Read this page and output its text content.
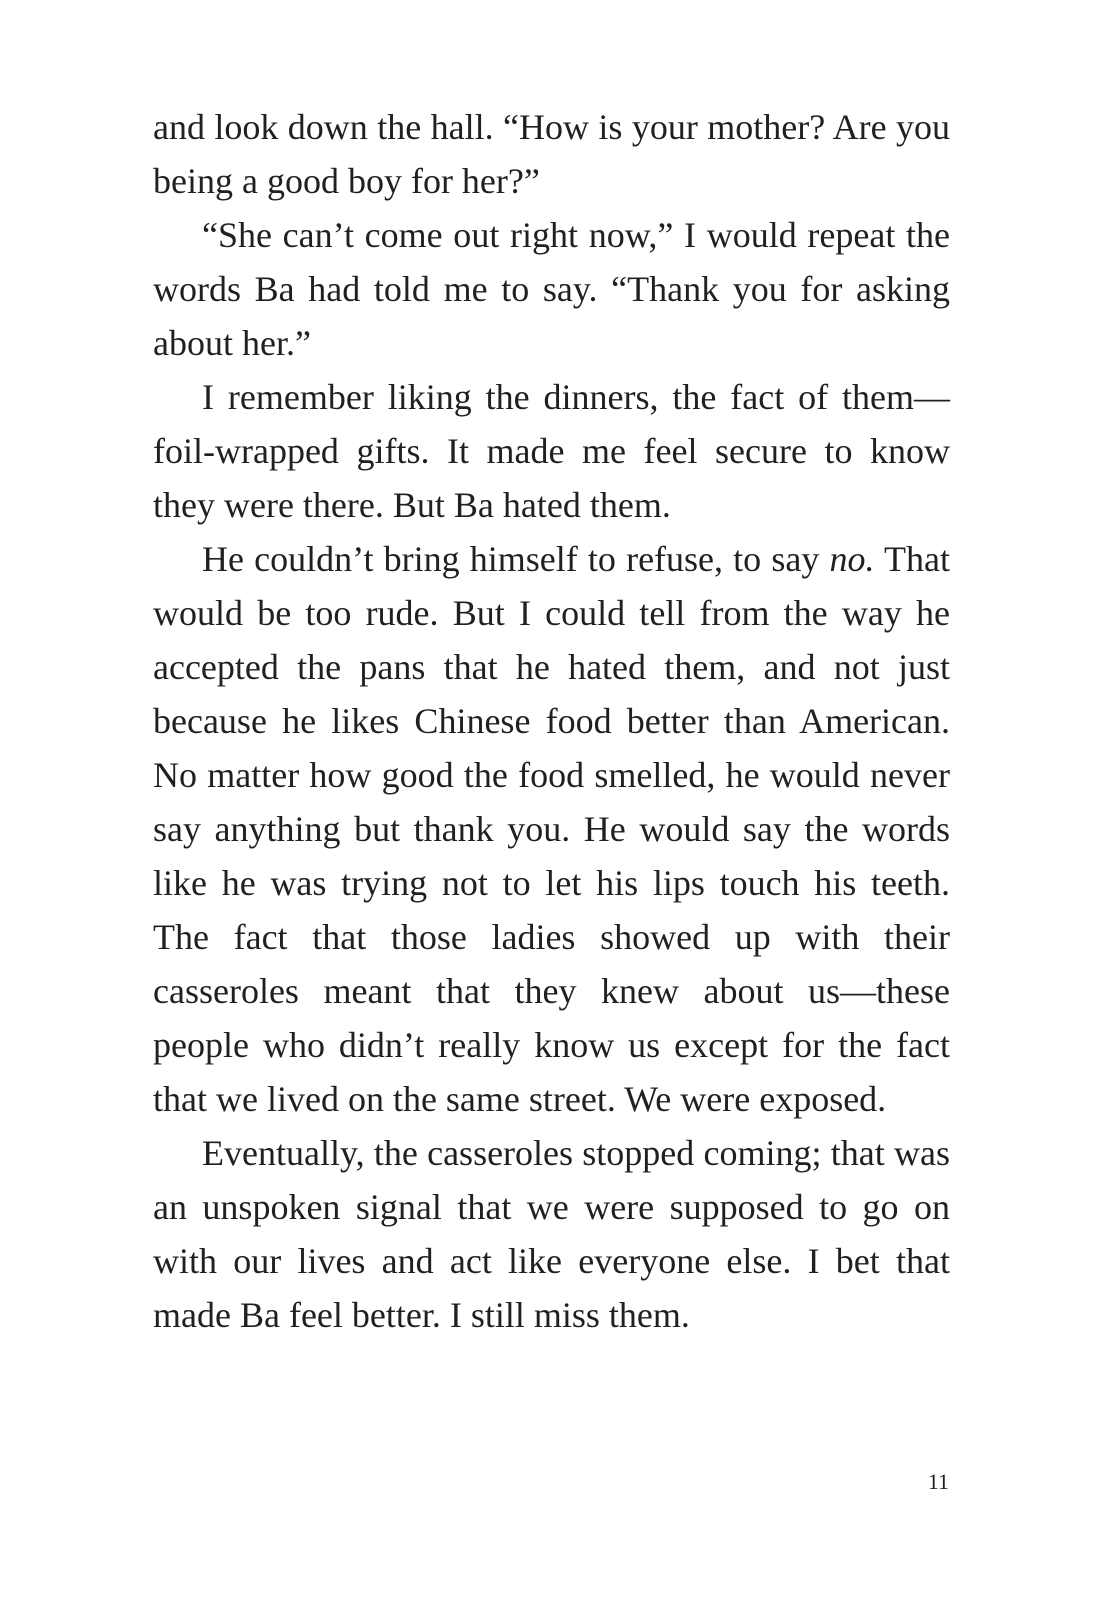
and look down the hall. “How is your mother? Are you being a good boy for her?”

“She can’t come out right now,” I would repeat the words Ba had told me to say. “Thank you for asking about her.”

I remember liking the dinners, the fact of them—foil-wrapped gifts. It made me feel secure to know they were there. But Ba hated them.

He couldn’t bring himself to refuse, to say no. That would be too rude. But I could tell from the way he accepted the pans that he hated them, and not just because he likes Chinese food better than American. No matter how good the food smelled, he would never say anything but thank you. He would say the words like he was trying not to let his lips touch his teeth. The fact that those ladies showed up with their casseroles meant that they knew about us—these people who didn’t really know us except for the fact that we lived on the same street. We were exposed.

Eventually, the casseroles stopped coming; that was an unspoken signal that we were supposed to go on with our lives and act like everyone else. I bet that made Ba feel better. I still miss them.

11
